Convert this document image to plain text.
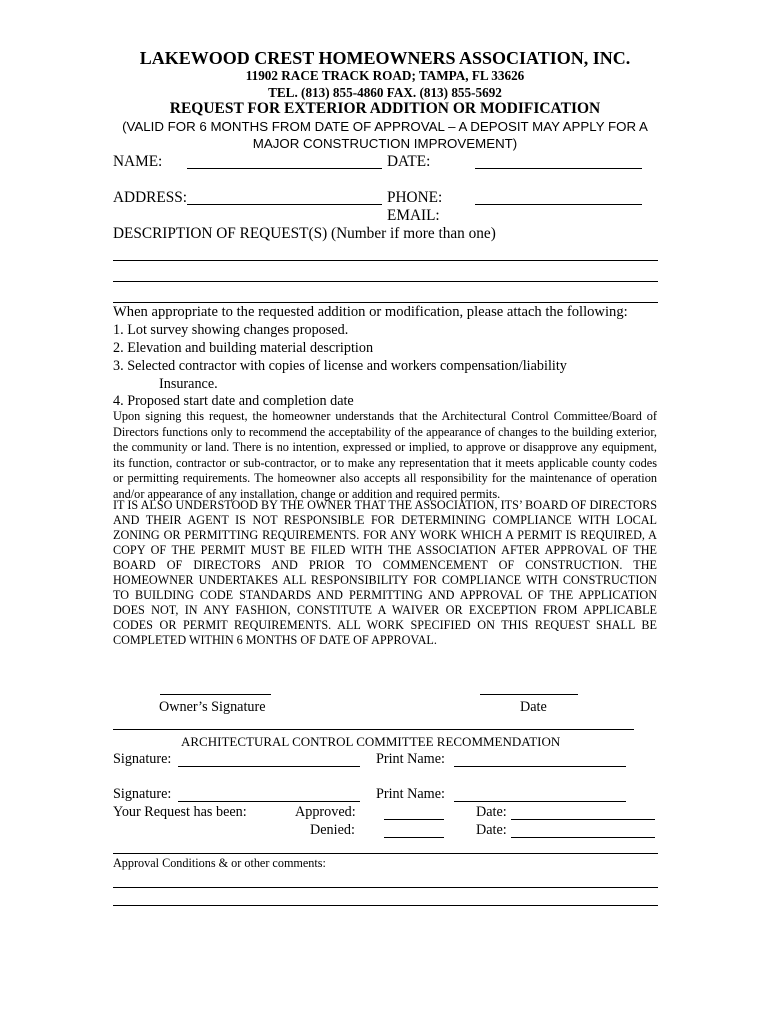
LAKEWOOD CREST HOMEOWNERS ASSOCIATION, INC.
11902 RACE TRACK ROAD; TAMPA, FL 33626
TEL. (813) 855-4860 FAX. (813) 855-5692
REQUEST FOR EXTERIOR ADDITION OR MODIFICATION
(VALID FOR 6 MONTHS FROM DATE OF APPROVAL – A DEPOSIT MAY APPLY FOR A
MAJOR CONSTRUCTION IMPROVEMENT)
NAME:	DATE:
ADDRESS:	PHONE:
EMAIL:
DESCRIPTION OF REQUEST(S) (Number if more than one)
When appropriate to the requested addition or modification, please attach the following:
1. Lot survey showing changes proposed.
2. Elevation and building material description
3. Selected contractor with copies of license and workers compensation/liability
Insurance.
4. Proposed start date and completion date
Upon signing this request, the homeowner understands that the Architectural Control Committee/Board of Directors functions only to recommend the acceptability of the appearance of changes to the building exterior, the community or land. There is no intention, expressed or implied, to approve or disapprove any equipment, its function, contractor or sub-contractor, or to make any representation that it meets applicable county codes or permitting requirements. The homeowner also accepts all responsibility for the maintenance of operation and/or appearance of any installation, change or addition and required permits.
IT IS ALSO UNDERSTOOD BY THE OWNER THAT THE ASSOCIATION, ITS’ BOARD OF DIRECTORS AND THEIR AGENT IS NOT RESPONSIBLE FOR DETERMINING COMPLIANCE WITH LOCAL ZONING OR PERMITTING REQUIREMENTS. FOR ANY WORK WHICH A PERMIT IS REQUIRED, A COPY OF THE PERMIT MUST BE FILED WITH THE ASSOCIATION AFTER APPROVAL OF THE BOARD OF DIRECTORS AND PRIOR TO COMMENCEMENT OF CONSTRUCTION. THE HOMEOWNER UNDERTAKES ALL RESPONSIBILITY FOR COMPLIANCE WITH CONSTRUCTION TO BUILDING CODE STANDARDS AND PERMITTING AND APPROVAL OF THE APPLICATION DOES NOT, IN ANY FASHION, CONSTITUTE A WAIVER OR EXCEPTION FROM APPLICABLE CODES OR PERMIT REQUIREMENTS. ALL WORK SPECIFIED ON THIS REQUEST SHALL BE COMPLETED WITHIN 6 MONTHS OF DATE OF APPROVAL.
Owner’s Signature	Date
ARCHITECTURAL CONTROL COMMITTEE RECOMMENDATION
Signature:	Print Name:
Signature:	Print Name:
Your Request has been:	Approved:	Date:
Denied:	Date:
Approval Conditions & or other comments:
